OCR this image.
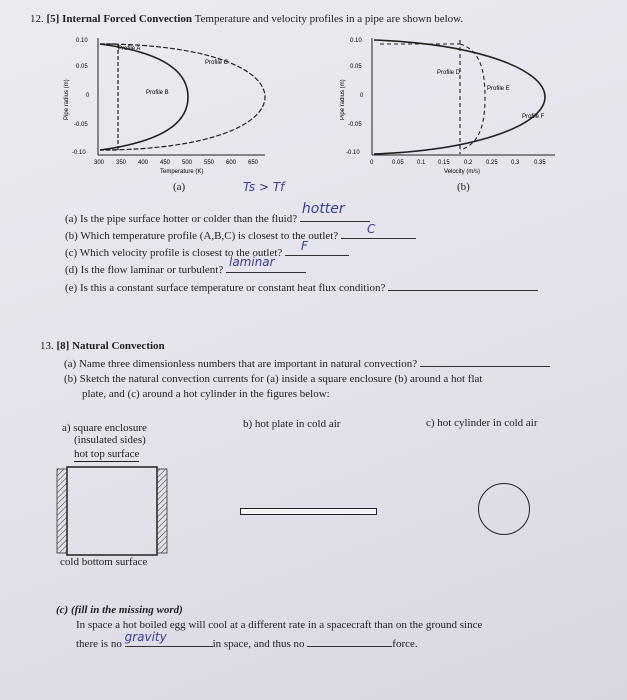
12. [5] Internal Forced Convection Temperature and velocity profiles in a pipe are shown below.
0.10
0.05
0
-0.05
-0.10
300 350 400 450 500 550 600 650
Pipe radius (m)
Temperature (K)
Profile A
Profile C
Profile B
(a)	Ts > Tf
0.10
0.05
0
-0.05
-0.10
0	0.05 0.1 0.15 0.2 0.25 0.3 0.35
Pipe radius (m)
Velocity (m/s)
Profile F
Profile D
Profile E
(b)
(a) Is the pipe surface hotter or colder than the fluid?
hotter
(b) Which temperature profile (A,B,C) is closest to the outlet? C
(c) Which velocity profile is closest to the outlet? F
(d) Is the flow laminar or turbulent?
laminar
(e) Is this a constant surface temperature or constant heat flux condition?
13. [8] Natural Convection
(a) Name three dimensionless numbers that are important in natural convection?
(b) Sketch the natural convection currents for (a) inside a square enclosure (b) around a hot flat
plate, and (c) around a hot cylinder in the figures below:
a) square enclosure
(insulated sides)
hot top surface
b) hot plate in cold air	c) hot cylinder in cold air
cold bottom surface
(c) (fill in the missing word)
In space a hot boiled egg will cool at a different rate in a spacecraft than on the ground since
there is no gravity	in space, and thus no	force.
